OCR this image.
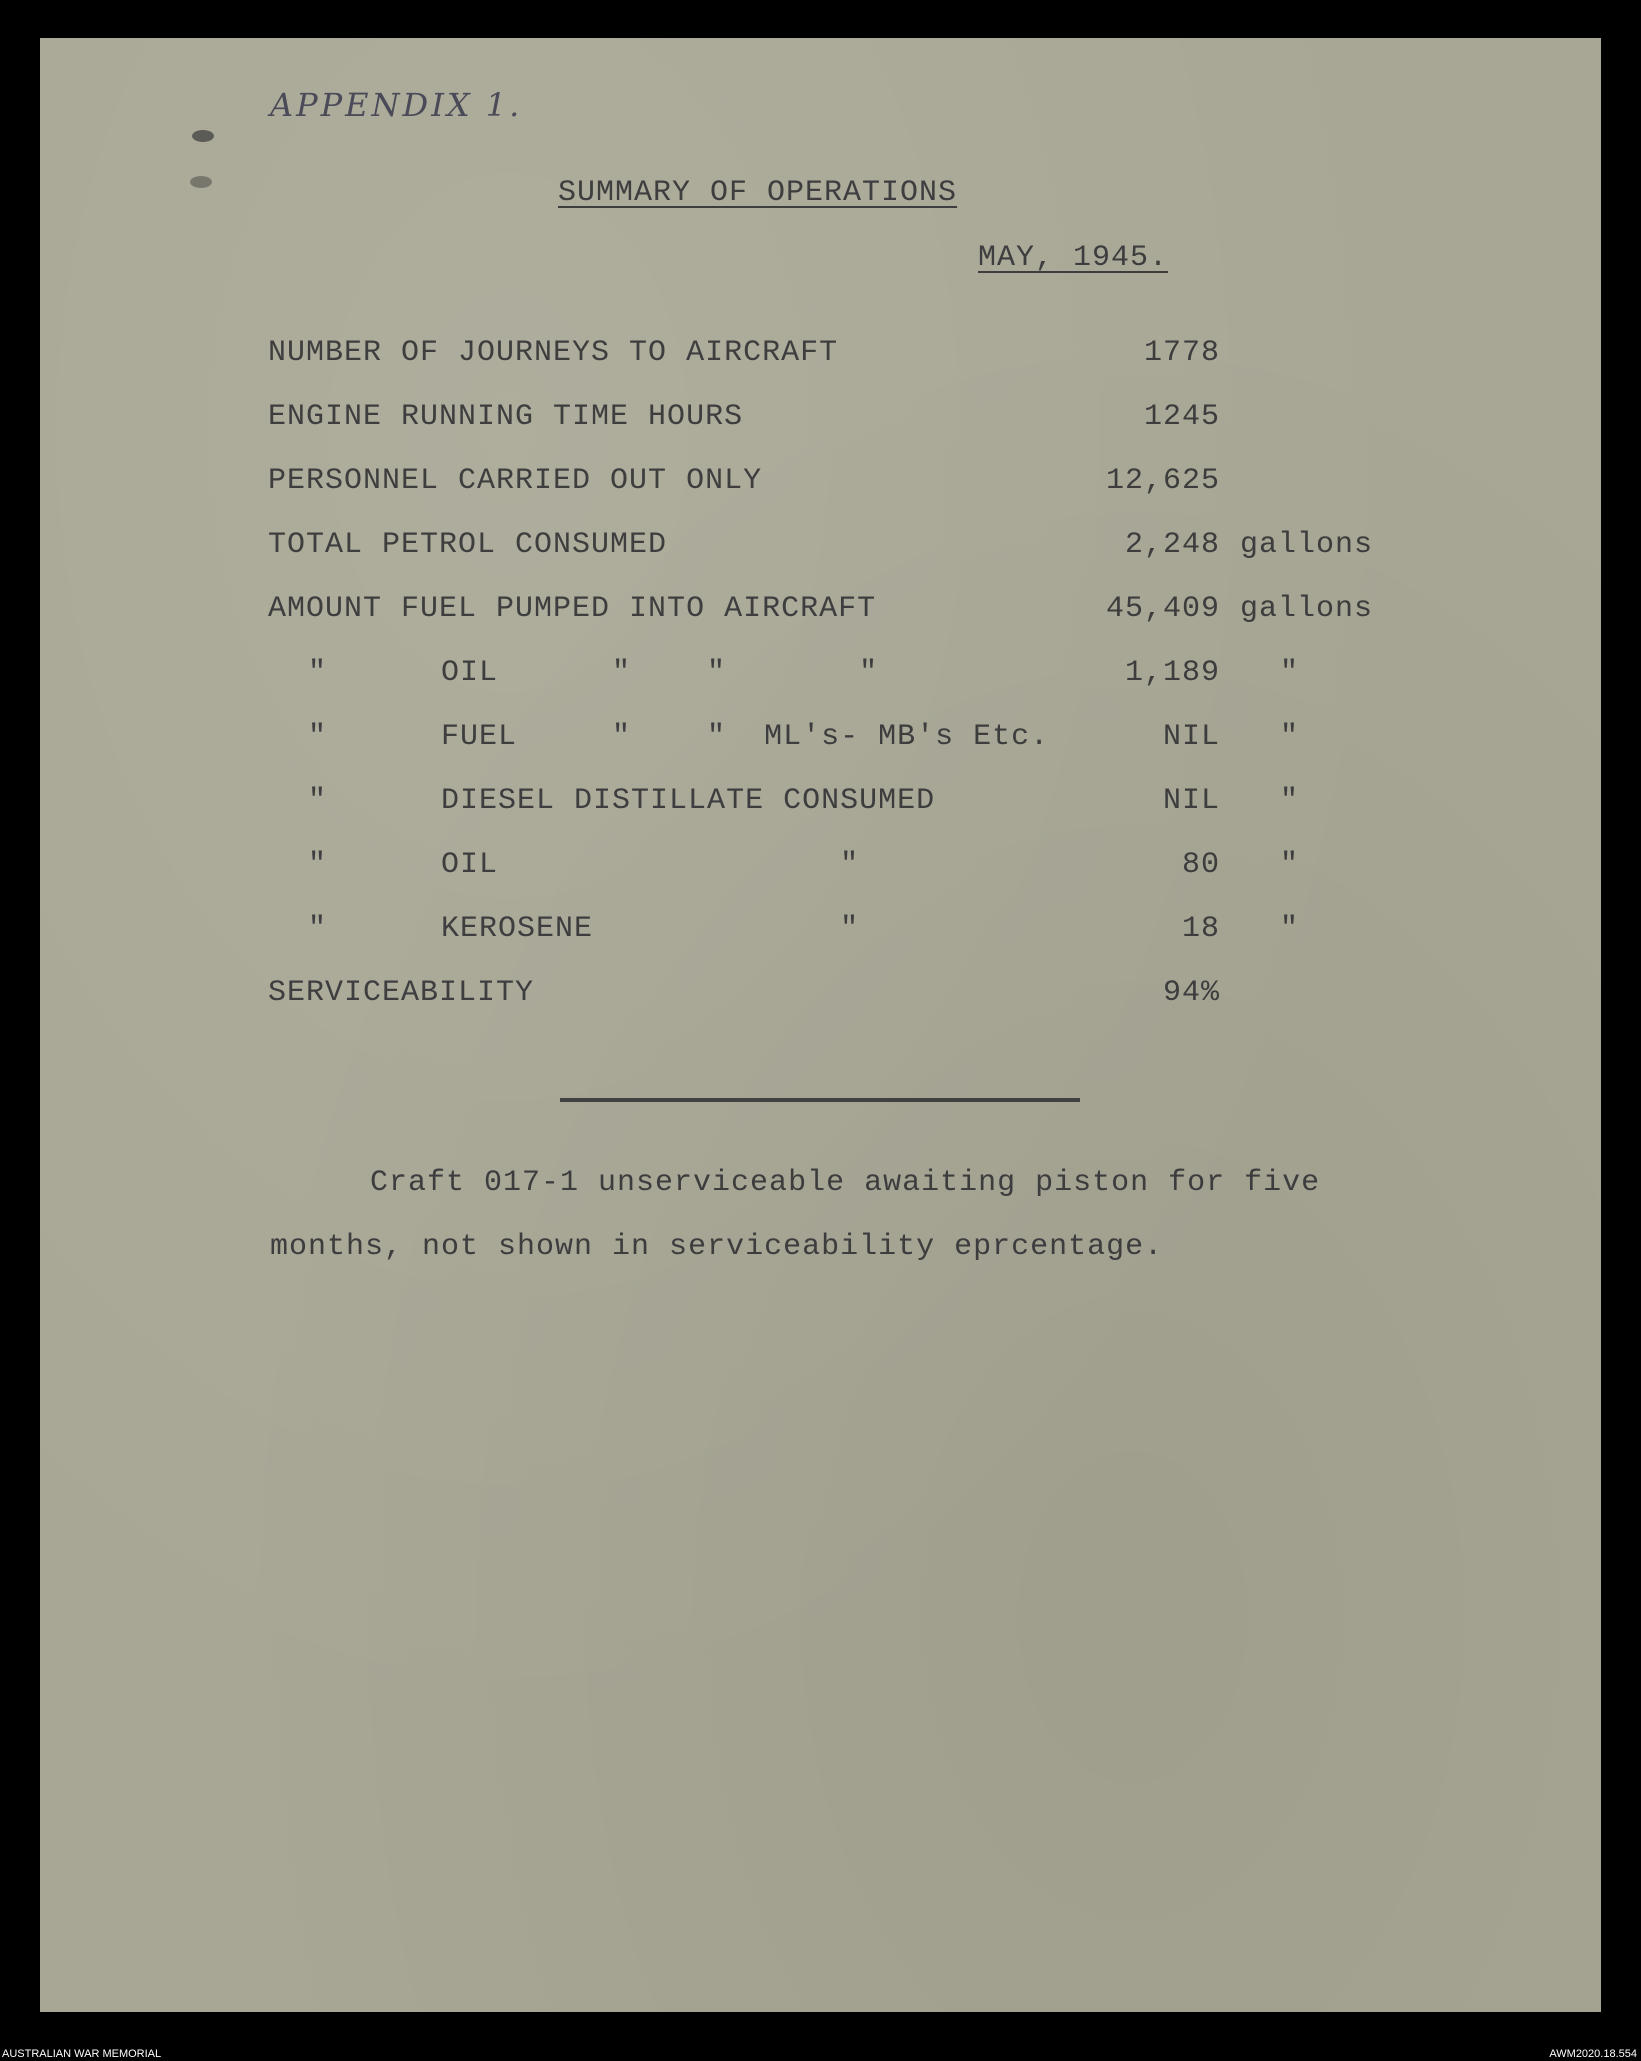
APPENDIX 1.
SUMMARY OF OPERATIONS
MAY, 1945.
NUMBER OF JOURNEYS TO AIRCRAFT	1778
ENGINE RUNNING TIME HOURS	1245
PERSONNEL CARRIED OUT ONLY	12,625
TOTAL PETROL CONSUMED	2,248 gallons
AMOUNT FUEL PUMPED INTO AIRCRAFT	45,409 gallons
"      OIL      "    "       "	1,189 "
"      FUEL     "    "  ML's- MB's Etc.	NIL "
"      DIESEL DISTILLATE CONSUMED	NIL "
"      OIL                  "	80 "
"      KEROSENE             "	18 "
SERVICEABILITY	94%
Craft 017-1 unserviceable awaiting piston for five
months, not shown in serviceability eprcentage.
AUSTRALIAN WAR MEMORIAL	AWM2020.18.554
